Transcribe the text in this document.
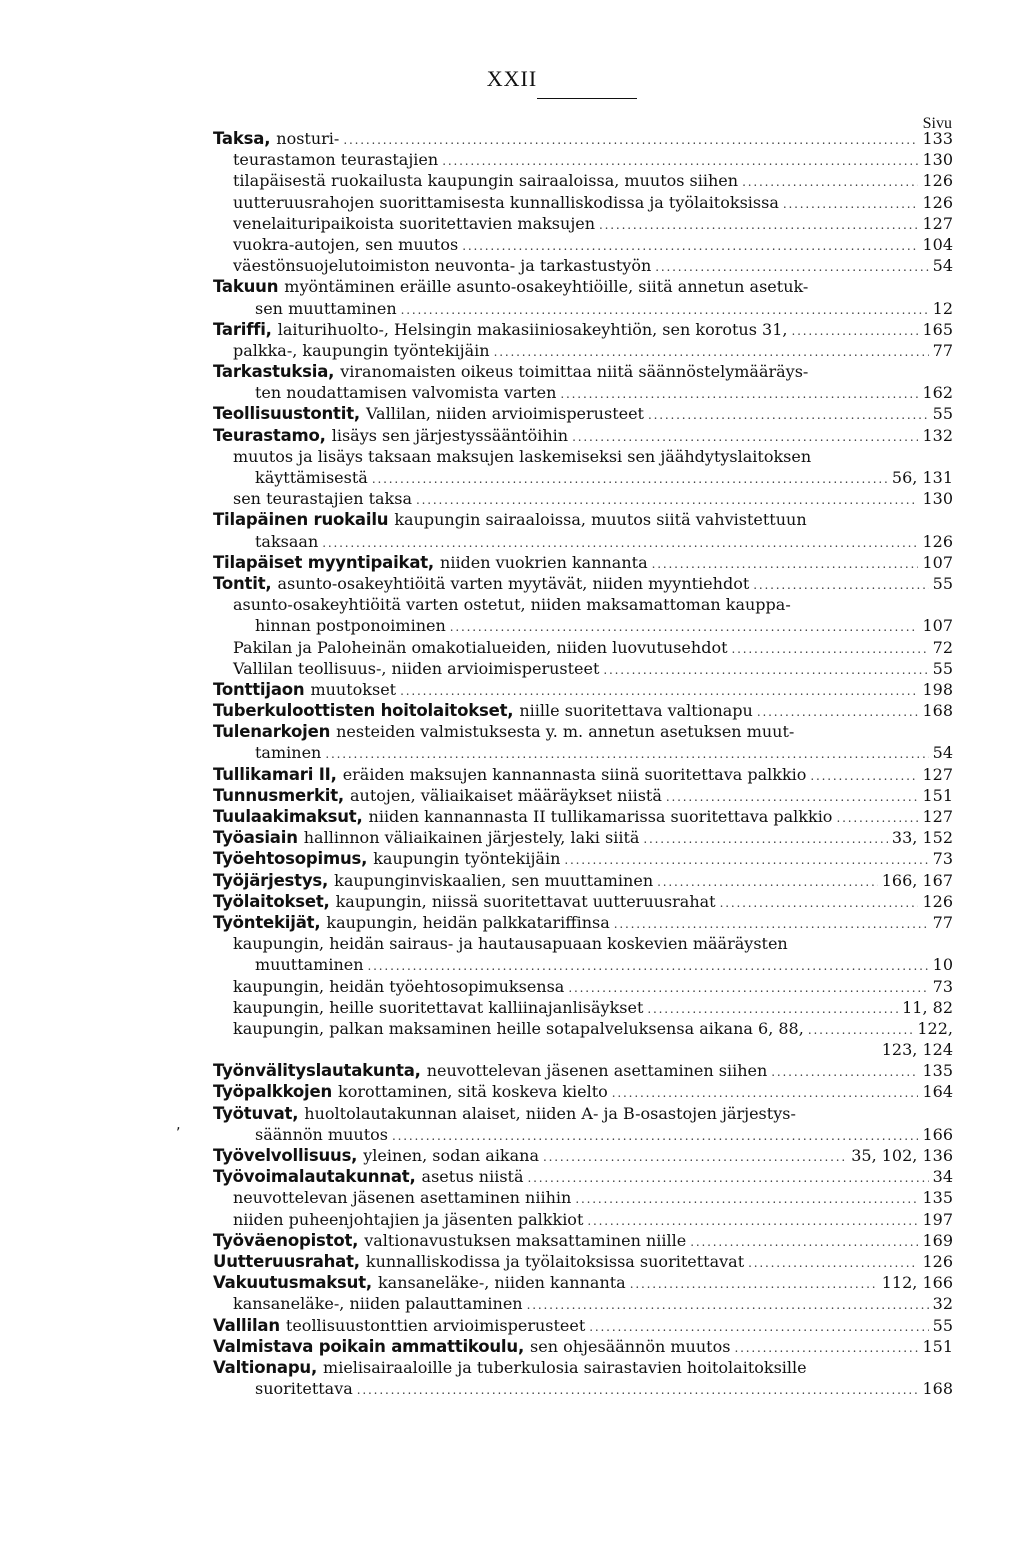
XXII
Sivu
‚
Taksa, nosturi- . . .	133
teurastamon teurastajien . . .	130
tilapäisestä ruokailusta kaupungin sairaaloissa, muutos siihen . . .	126
uutteruusrahojen suorittamisesta kunnalliskodissa ja työlaitoksissa . . .	126
venelaituripaikoista suoritettavien maksujen . . .	127
vuokra-autojen, sen muutos . . .	104
väestönsuojelutoimiston neuvonta- ja tarkastustyön . . .	54
Takuun myöntäminen eräille asunto-osakeyhtiöille, siitä annetun asetuk-
sen muuttaminen . . .	12
Tariffi, laiturihuolto-, Helsingin makasiiniosakeyhtiön, sen korotus 31, . . .	165
palkka-, kaupungin työntekijäin . . .	77
Tarkastuksia, viranomaisten oikeus toimittaa niitä säännöstelymääräys-
ten noudattamisen valvomista varten . . .	162
Teollisuustontit, Vallilan, niiden arvioimisperusteet . . .	55
Teurastamo, lisäys sen järjestyssääntöihin . . .	132
muutos ja lisäys taksaan maksujen laskemiseksi sen jäähdytyslaitoksen
käyttämisestä . . .	56, 131
sen teurastajien taksa . . .	130
Tilapäinen ruokailu kaupungin sairaaloissa, muutos siitä vahvistettuun
taksaan . . .	126
Tilapäiset myyntipaikat, niiden vuokrien kannanta . . .	107
Tontit, asunto-osakeyhtiöitä varten myytävät, niiden myyntiehdot . . .	55
asunto-osakeyhtiöitä varten ostetut, niiden maksamattoman kauppa-
hinnan postponoiminen . . .	107
Pakilan ja Paloheinän omakotialueiden, niiden luovutusehdot . . .	72
Vallilan teollisuus-, niiden arvioimisperusteet . . .	55
Tonttijaon muutokset . . .	198
Tuberkuloottisten hoitolaitokset, niille suoritettava valtionapu . . .	168
Tulenarkojen nesteiden valmistuksesta y. m. annetun asetuksen muut-
taminen . . .	54
Tullikamari II, eräiden maksujen kannannasta siinä suoritettava palkkio . . .	127
Tunnusmerkit, autojen, väliaikaiset määräykset niistä . . .	151
Tuulaakimaksut, niiden kannannasta II tullikamarissa suoritettava palkkio . . .	127
Työasiain hallinnon väliaikainen järjestely, laki siitä . . .	33, 152
Työehtosopimus, kaupungin työntekijäin . . .	73
Työjärjestys, kaupunginviskaalien, sen muuttaminen . . .	166, 167
Työlaitokset, kaupungin, niissä suoritettavat uutteruusrahat . . .	126
Työntekijät, kaupungin, heidän palkkatariffinsa . . .	77
kaupungin, heidän sairaus- ja hautausapuaan koskevien määräysten
muuttaminen . . .	10
kaupungin, heidän työehtosopimuksensa . . .	73
kaupungin, heille suoritettavat kalliinajanlisäykset . . .	11, 82
kaupungin, palkan maksaminen heille sotapalveluksensa aikana 6, 88, . . .	122,
123, 124
Työnvälityslautakunta, neuvottelevan jäsenen asettaminen siihen . . .	135
Työpalkkojen korottaminen, sitä koskeva kielto . . .	164
Työtuvat, huoltolautakunnan alaiset, niiden A- ja B-osastojen järjestys-
säännön muutos . . .	166
Työvelvollisuus, yleinen, sodan aikana . . .	35, 102, 136
Työvoimalautakunnat, asetus niistä . . .	34
neuvottelevan jäsenen asettaminen niihin . . .	135
niiden puheenjohtajien ja jäsenten palkkiot . . .	197
Työväenopistot, valtionavustuksen maksattaminen niille . . .	169
Uutteruusrahat, kunnalliskodissa ja työlaitoksissa suoritettavat . . .	126
Vakuutusmaksut, kansaneläke-, niiden kannanta . . .	112, 166
kansaneläke-, niiden palauttaminen . . .	32
Vallilan teollisuustonttien arvioimisperusteet . . .	55
Valmistava poikain ammattikoulu, sen ohjesäännön muutos . . .	151
Valtionapu, mielisairaaloille ja tuberkulosia sairastavien hoitolaitoksille
suoritettava . . .	168
